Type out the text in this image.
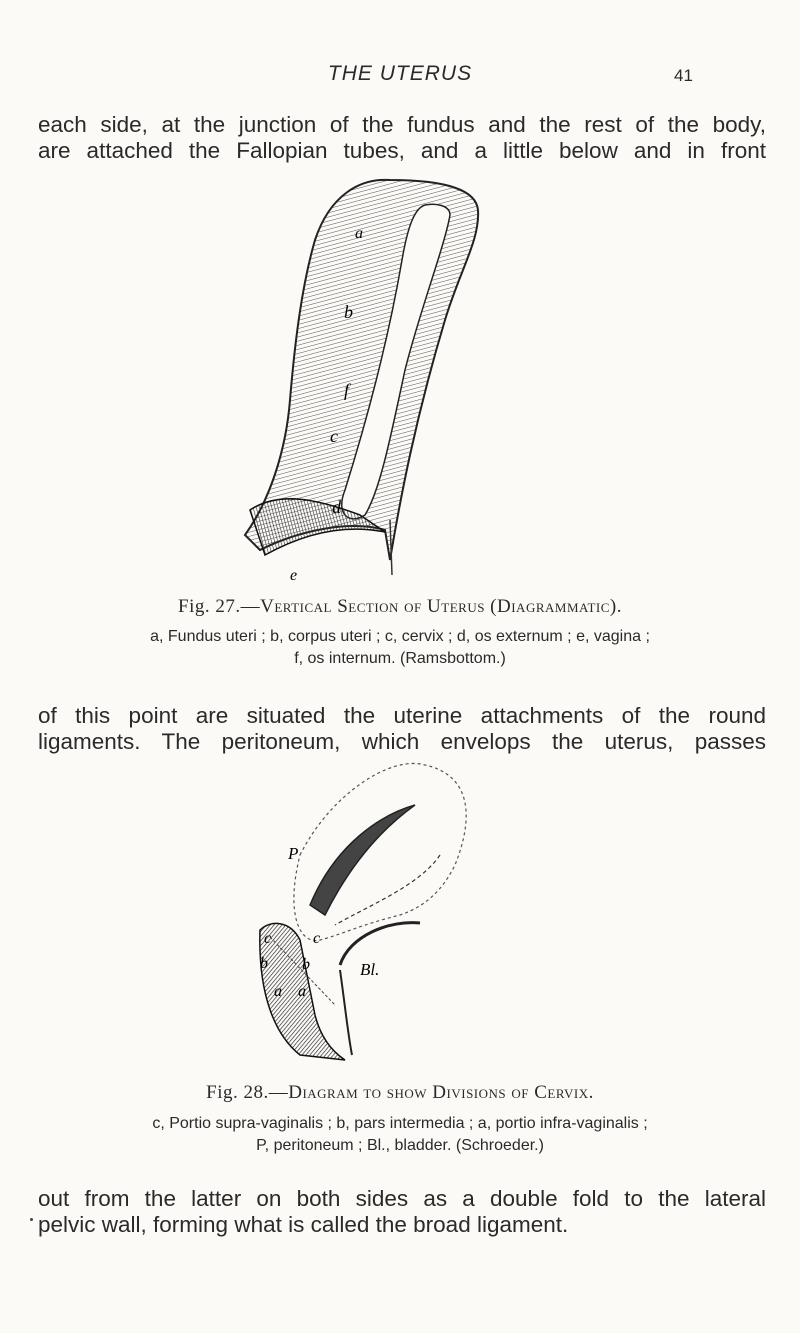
THE UTERUS	41

each side, at the junction of the fundus and the rest of the body,
are attached the Fallopian tubes, and a little below and in front

a
b
f
c
d
e
Fig. 27.—Vertical Section of Uterus (Diagrammatic).
a, Fundus uteri ; b, corpus uteri ; c, cervix ; d, os externum ; e, vagina ;
f, os internum. (Ramsbottom.)

of this point are situated the uterine attachments of the round
ligaments. The peritoneum, which envelops the uterus, passes

P
c	c
b b
a a
Bl.
Fig. 28.—Diagram to show Divisions of Cervix.
c, Portio supra-vaginalis ; b, pars intermedia ; a, portio infra-vaginalis ;
P, peritoneum ; Bl., bladder. (Schroeder.)

out from the latter on both sides as a double fold to the lateral
pelvic wall, forming what is called the broad ligament.
